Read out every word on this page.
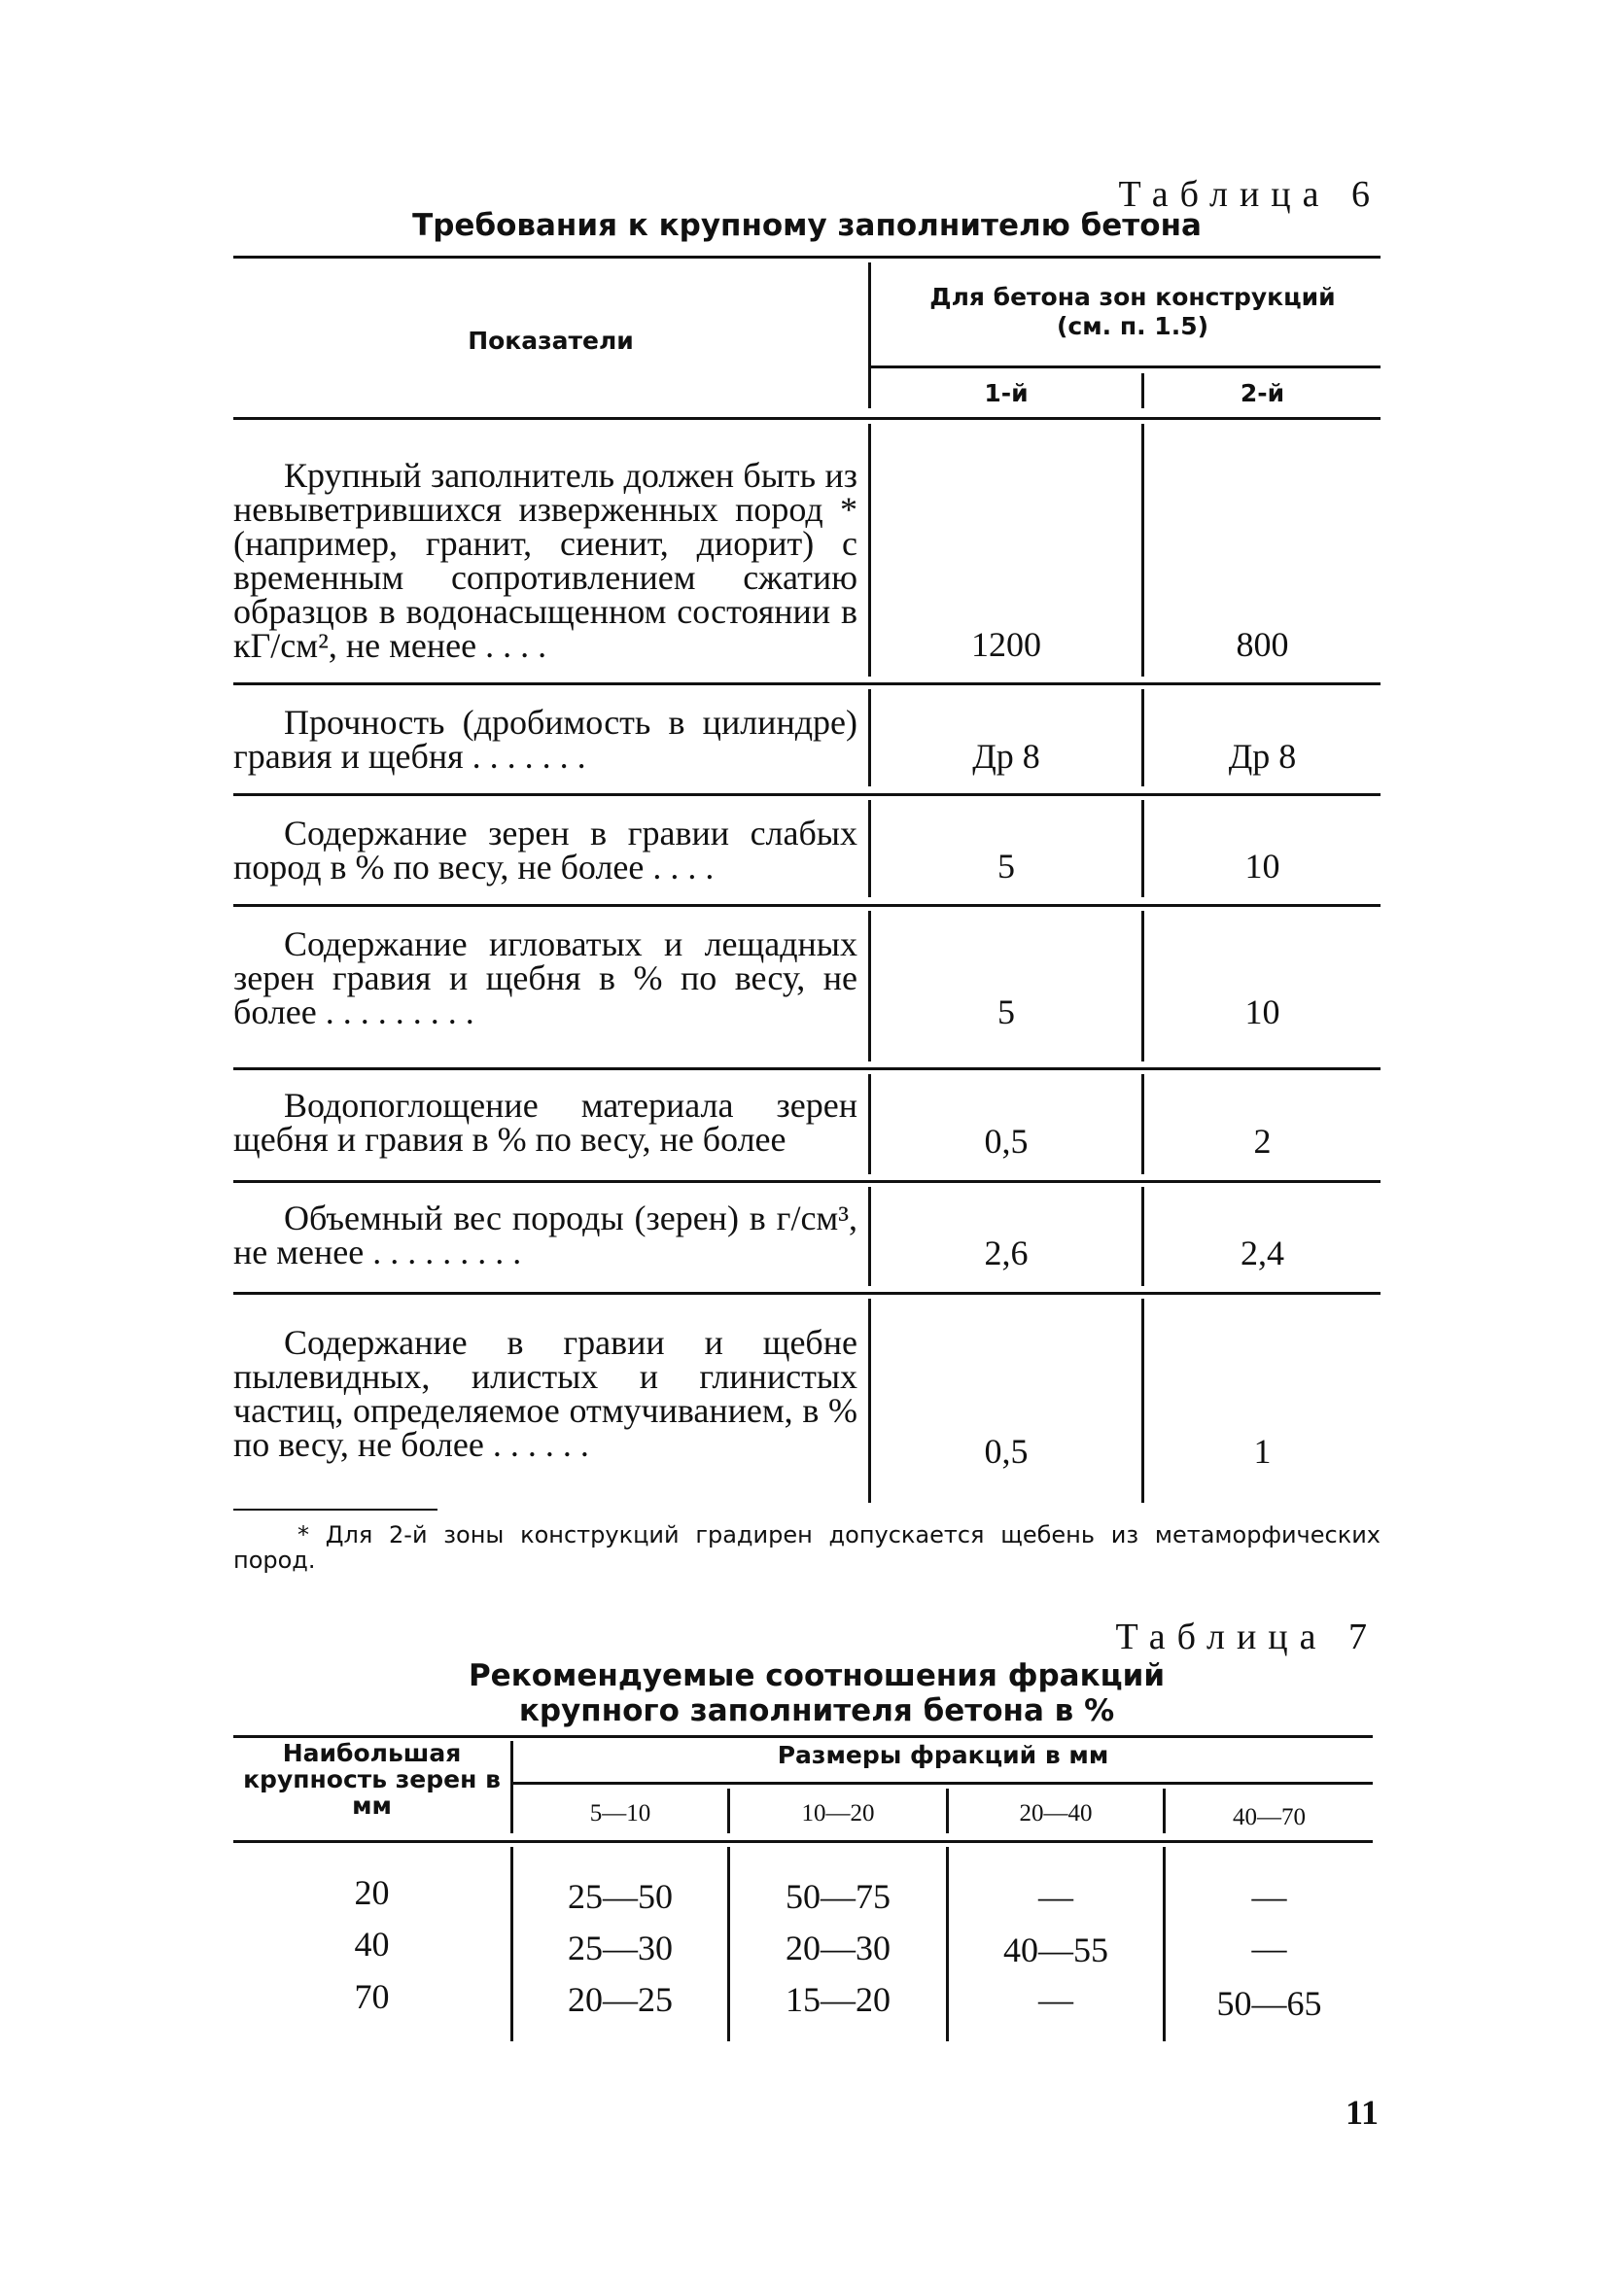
Таблица 6
Требования к крупному заполнителю бетона
Показатели
Для бетона зон конструкций (см. п. 1.5)
1-й	2-й
Крупный заполнитель должен быть из невыветрившихся изверженных пород * (например, гранит, сиенит, диорит) с временным сопротивлением сжатию образцов в водонасыщенном состоянии в кГ/см², не менее . . . .	1200	800
Прочность (дробимость в цилиндре) гравия и щебня . . . . . . .	Др 8	Др 8
Содержание зерен в гравии слабых пород в % по весу, не более . . . .	5	10
Содержание игловатых и лещадных зерен гравия и щебня в % по весу, не более . . . . . . . . .	5	10
Водопоглощение материала зерен щебня и гравия в % по весу, не более	0,5	2
Объемный вес породы (зерен) в г/см³, не менее . . . . . . . . .	2,6	2,4
Содержание в гравии и щебне пылевидных, илистых и глинистых частиц, определяемое отмучиванием, в % по весу, не более . . . . . .	0,5	1
* Для 2-й зоны конструкций градирен допускается щебень из метаморфических пород.
Таблица 7
Рекомендуемые соотношения фракций крупного заполнителя бетона в %
Наибольшая крупность зерен в мм
Размеры фракций в мм
5—10	10—20	20—40	40—70
20	25—50	50—75	—	—
40	25—30	20—30	40—55	—
70	20—25	15—20	—	50—65
11
